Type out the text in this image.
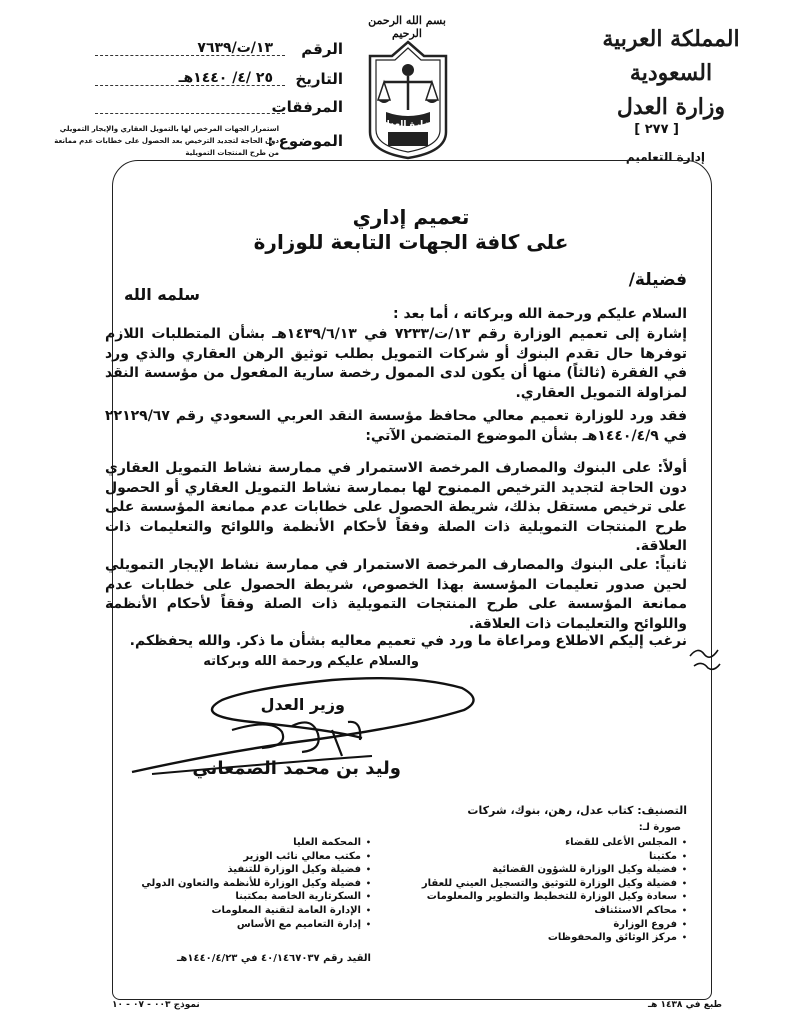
المملكة العربية السعودية
وزارة العدل
[ ٢٧٧ ]
إدارة التعاميم
بسم الله الرحمن الرحيم
وزارة العدل
الرقم
١٣/ت/٧٦٣٩
التاريخ
٢٥ /٤/ ١٤٤٠هـ
المرفقات
الموضوع :
استمرار الجهات المرخص لها بالتمويل العقاري والإيجار التمويلي دون الحاجة لتجديد الترخيص بعد الحصول على خطابات عدم ممانعة من طرح المنتجات التمويلية
تعميم إداري
على كافة الجهات التابعة للوزارة
فضيلة/
سلمه الله
السلام عليكم ورحمة الله وبركاته ، أما بعد :
إشارة إلى تعميم الوزارة رقم ١٣/ت/٧٢٣٣ في ١٤٣٩/٦/١٣هـ بشأن المتطلبات اللازم توفرها حال تقدم البنوك أو شركات التمويل بطلب توثيق الرهن العقاري والذي ورد في الفقرة (ثالثاً) منها أن يكون لدى الممول رخصة سارية المفعول من مؤسسة النقد لمزاولة التمويل العقاري.
فقد ورد للوزارة تعميم معالي محافظ مؤسسة النقد العربي السعودي رقم ٢٢١٢٩/٦٧ في ١٤٤٠/٤/٩هـ بشأن الموضوع المتضمن الآتي:
أولاً: على البنوك والمصارف المرخصة الاستمرار في ممارسة نشاط التمويل العقاري دون الحاجة لتجديد الترخيص الممنوح لها بممارسة نشاط التمويل العقاري أو الحصول على ترخيص مستقل بذلك، شريطة الحصول على خطابات عدم ممانعة المؤسسة على طرح المنتجات التمويلية ذات الصلة وفقاً لأحكام الأنظمة واللوائح والتعليمات ذات العلاقة.
ثانياً: على البنوك والمصارف المرخصة الاستمرار في ممارسة نشاط الإيجار التمويلي لحين صدور تعليمات المؤسسة بهذا الخصوص، شريطة الحصول على خطابات عدم ممانعة المؤسسة على طرح المنتجات التمويلية ذات الصلة وفقاً لأحكام الأنظمة واللوائح والتعليمات ذات العلاقة.
نرغب إليكم الاطلاع ومراعاة ما ورد في تعميم معاليه بشأن ما ذكر. والله يحفظكم.
والسلام عليكم ورحمة الله وبركاته
وزير العدل
وليد بن محمد الصمعاني
التصنيف: كتاب عدل، رهن، بنوك، شركات
صورة لـ:
• المجلس الأعلى للقضاء
• مكتبنا
• فضيلة وكيل الوزارة للشؤون القضائية
• فضيلة وكيل الوزارة للتوثيق والتسجيل العيني للعقار
• سعادة وكيل الوزارة للتخطيط والتطوير والمعلومات
• محاكم الاستئناف
• فروع الوزارة
• مركز الوثائق والمحفوظات
• المحكمة العليا
• مكتب معالي نائب الوزير
• فضيلة وكيل الوزارة للتنفيذ
• فضيلة وكيل الوزارة للأنظمة والتعاون الدولي
• السكرتارية الخاصة بمكتبنا
• الإدارة العامة لتقنية المعلومات
• إدارة التعاميم مع الأساس
القيد رقم ٤٠/١٤٦٧٠٣٧ في ١٤٤٠/٤/٢٣هـ
نموذج ٠٠٣ - ٠٧ - ١٠	طبع في ١٤٣٨ هـ
